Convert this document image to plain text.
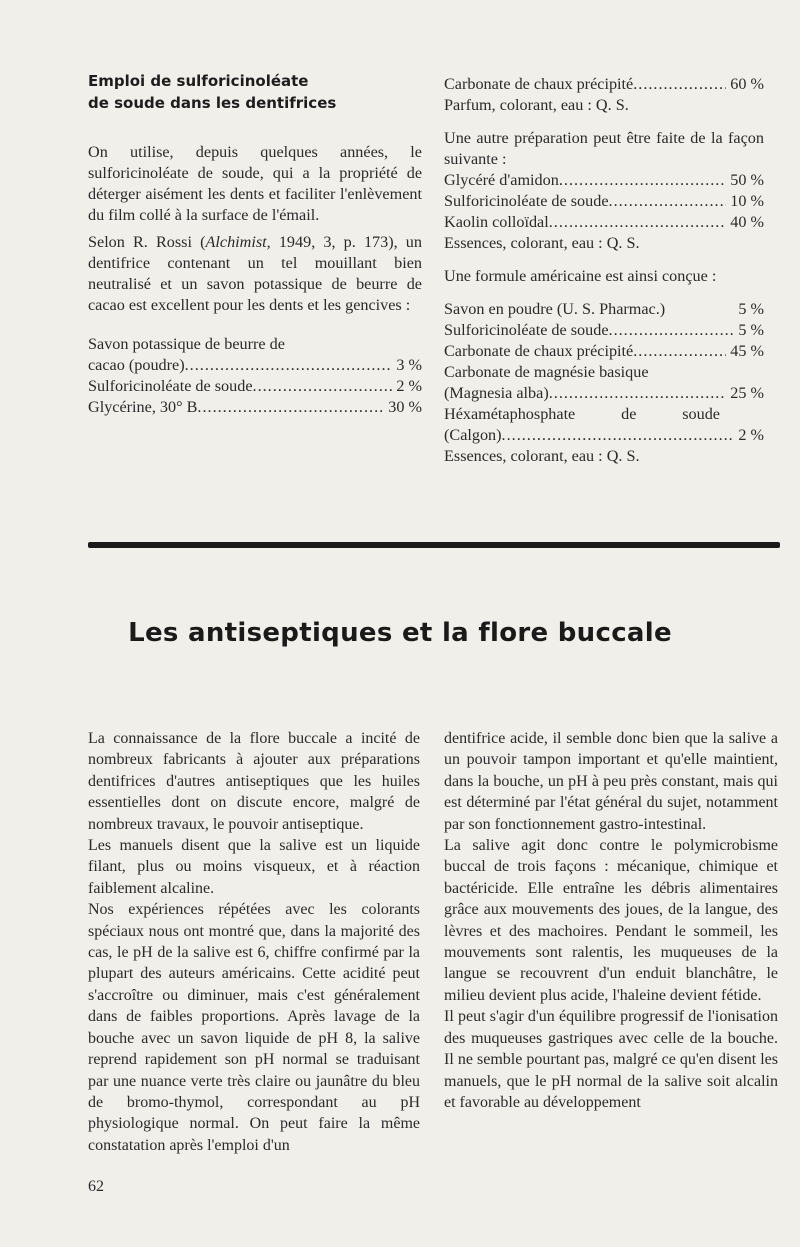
Emploi de sulforicinoléate
de soude dans les dentifrices

On utilise, depuis quelques années, le sulforicinoléate de soude, qui a la propriété de déterger aisément les dents et faciliter l'enlèvement du film collé à la surface de l'émail.

Selon R. Rossi (Alchimist, 1949, 3, p. 173), un dentifrice contenant un tel mouillant bien neutralisé et un savon potassique de beurre de cacao est excellent pour les dents et les gencives :

Savon potassique de beurre de
cacao (poudre) .....	3 %
Sulforicinoléate de soude .....	2 %
Glycérine, 30° B .....	30 %
Carbonate de chaux précipité .....	60 %
Parfum, colorant, eau : Q. S.

Une autre préparation peut être faite de la façon suivante :

Glycéré d'amidon .....	50 %
Sulforicinoléate de soude .....	10 %
Kaolin colloïdal .....	40 %
Essences, colorant, eau : Q. S.

Une formule américaine est ainsi conçue :

Savon en poudre (U. S. Pharmac.)	5 %
Sulforicinoléate de soude .....	5 %
Carbonate de chaux précipité .....	45 %
Carbonate de magnésie basique
(Magnesia alba) .....	25 %
Héxamétaphosphate	de	soude
(Calgon) .....	2 %
Essences, colorant, eau : Q. S.
Les antiseptiques et la flore buccale

La connaissance de la flore buccale a incité de nombreux fabricants à ajouter aux préparations dentifrices d'autres antiseptiques que les huiles essentielles dont on discute encore, malgré de nombreux travaux, le pouvoir antiseptique.

Les manuels disent que la salive est un liquide filant, plus ou moins visqueux, et à réaction faiblement alcaline.

Nos expériences répétées avec les colorants spéciaux nous ont montré que, dans la majorité des cas, le pH de la salive est 6, chiffre confirmé par la plupart des auteurs américains. Cette acidité peut s'accroître ou diminuer, mais c'est généralement dans de faibles proportions. Après lavage de la bouche avec un savon liquide de pH 8, la salive reprend rapidement son pH normal se traduisant par une nuance verte très claire ou jaunâtre du bleu de bromo-thymol, correspondant au pH physiologique normal. On peut faire la même constatation après l'emploi d'un

dentifrice acide, il semble donc bien que la salive a un pouvoir tampon important et qu'elle maintient, dans la bouche, un pH à peu près constant, mais qui est déterminé par l'état général du sujet, notamment par son fonctionnement gastro-intestinal.

La salive agit donc contre le polymicrobisme buccal de trois façons : mécanique, chimique et bactéricide. Elle entraîne les débris alimentaires grâce aux mouvements des joues, de la langue, des lèvres et des machoires. Pendant le sommeil, les mouvements sont ralentis, les muqueuses de la langue se recouvrent d'un enduit blanchâtre, le milieu devient plus acide, l'haleine devient fétide.

Il peut s'agir d'un équilibre progressif de l'ionisation des muqueuses gastriques avec celle de la bouche. Il ne semble pourtant pas, malgré ce qu'en disent les manuels, que le pH normal de la salive soit alcalin et favorable au développement

62
